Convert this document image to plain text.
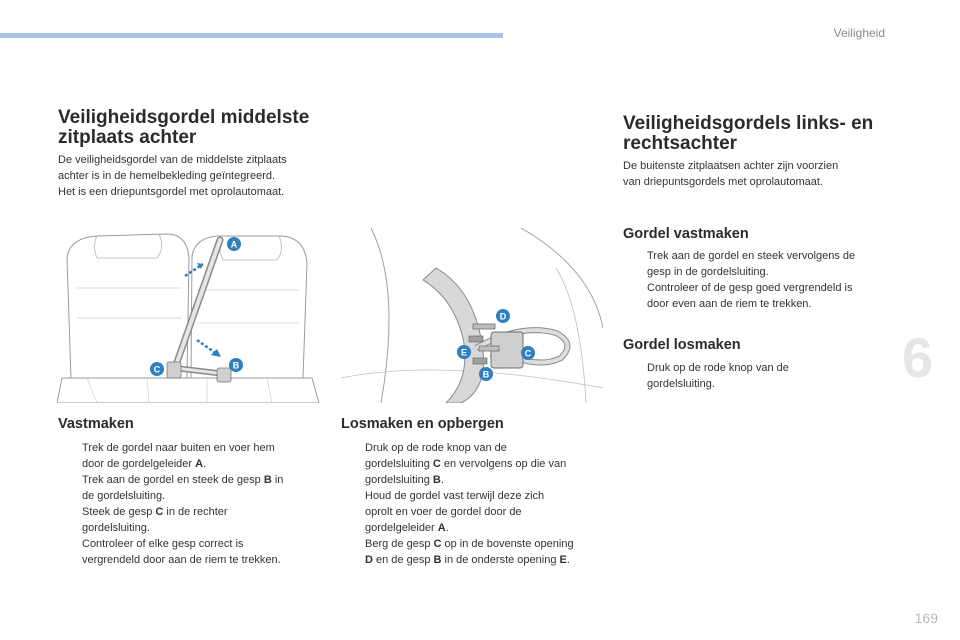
Veiligheid
Veiligheidsgordel middelste
zitplaats achter

De veiligheidsgordel van de middelste zitplaats
achter is in de hemelbekleding geïntegreerd.
Het is een driepuntsgordel met oprolautomaat.

A
B
C
Vastmaken
Trek de gordel naar buiten en voer hem
door de gordelgeleider A.
Trek aan de gordel en steek de gesp B in
de gordelsluiting.
Steek de gesp C in de rechter
gordelsluiting.
Controleer of elke gesp correct is
vergrendeld door aan de riem te trekken.
D
E	C
B
Losmaken en opbergen
Druk op de rode knop van de
gordelsluiting C en vervolgens op die van
gordelsluiting B.
Houd de gordel vast terwijl deze zich
oprolt en voer de gordel door de
gordelgeleider A.
Berg de gesp C op in de bovenste opening
D en de gesp B in de onderste opening E.
Veiligheidsgordels links- en
rechtsachter

De buitenste zitplaatsen achter zijn voorzien
van driepuntsgordels met oprolautomaat.

Gordel vastmaken
Trek aan de gordel en steek vervolgens de
gesp in de gordelsluiting.
Controleer of de gesp goed vergrendeld is
door even aan de riem te trekken.
Gordel losmaken
Druk op de rode knop van de
gordelsluiting.	6
169
